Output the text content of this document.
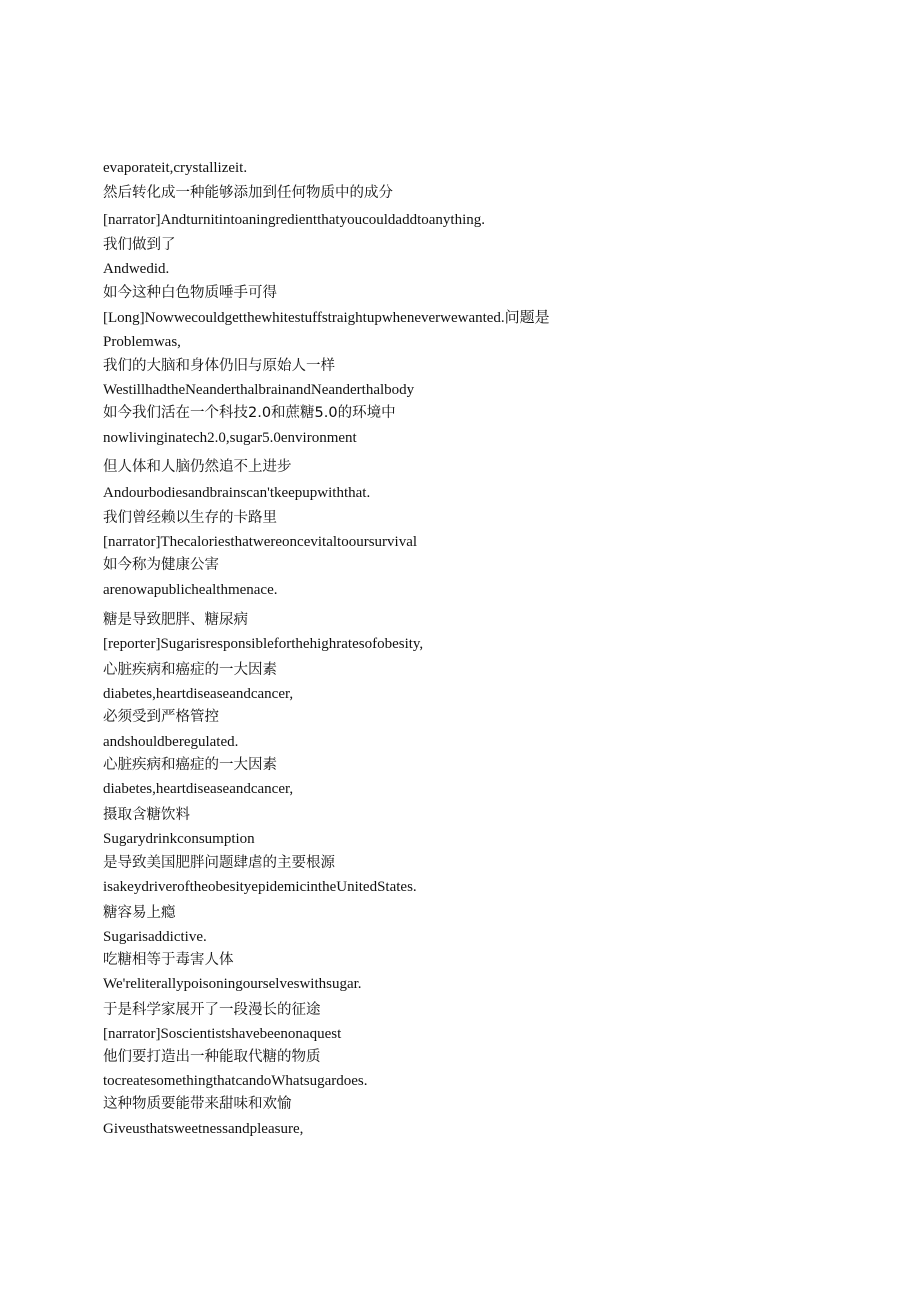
evaporateit,crystallizeit.
然后转化成一种能够添加到任何物质中的成分
[narrator]Andturnitintoaningredientthatyoucouldaddtoanything.
我们做到了
Andwedid.
如今这种白色物质唾手可得
[Long]Nowwecouldgetthewhitestuffstraightupwheneverwewanted.问题是
Problemwas,
我们的大脑和身体仍旧与原始人一样
WestillhadtheNeanderthalbrainandNeanderthalbody
如今我们活在一个科技2.0和蔗糖5.0的环境中
nowlivinginatech2.0,sugar5.0environment
但人体和人脑仍然追不上进步
Andourbodiesandbrainscan'tkeepupwiththat.
我们曾经赖以生存的卡路里
[narrator]Thecaloriesthatwereoncevitaltooursurvival
如今称为健康公害
arenowapublichealthmenace.
糖是导致肥胖、糖尿病
[reporter]Sugarisresponsibleforthehighratesofobesity,
心脏疾病和癌症的一大因素
diabetes,heartdiseaseandcancer,
必须受到严格管控
andshouldberegulated.
心脏疾病和癌症的一大因素
diabetes,heartdiseaseandcancer,
摄取含糖饮料
Sugarydrinkconsumption
是导致美国肥胖问题肆虐的主要根源
isakeydriveroftheobesityepidemicintheUnitedStates.
糖容易上瘾
Sugarisaddictive.
吃糖相等于毒害人体
We'reliterallypoisoningourselveswithsugar.
于是科学家展开了一段漫长的征途
[narrator]Soscientistshavebeenonaquest
他们要打造出一种能取代糖的物质
tocreatesomethingthatcandoWhatsugardoes.
这种物质要能带来甜味和欢愉
Giveusthatsweetnessandpleasure,
